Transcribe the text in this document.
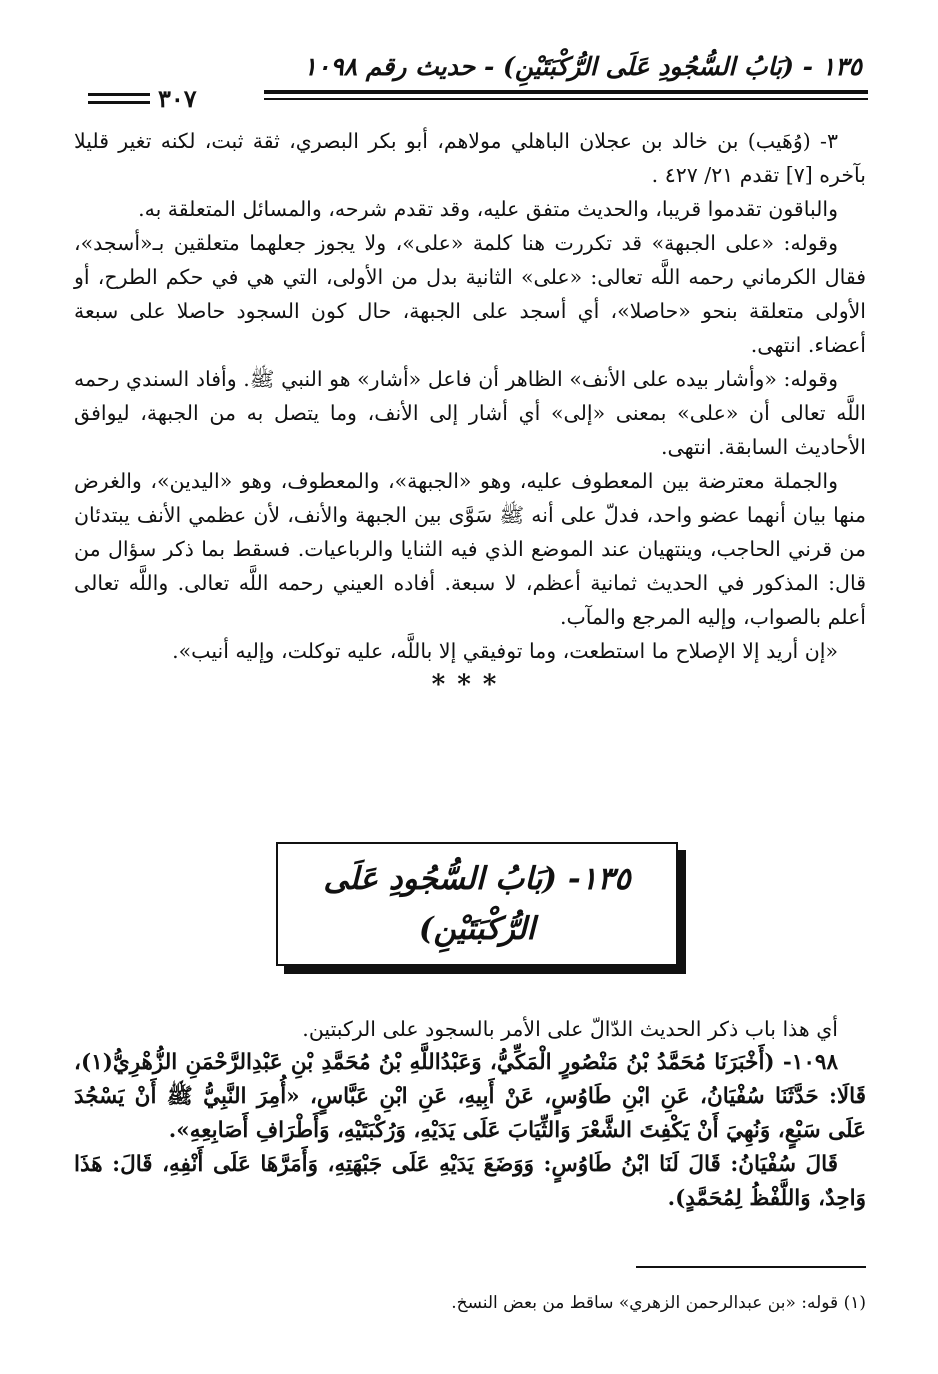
١٣٥ - (بَابُ السُّجُودِ عَلَى الرُّكْبَتَيْنِ) - حديث رقم ١٠٩٨
٣٠٧

٣- (وُهَيب) بن خالد بن عجلان الباهلي مولاهم، أبو بكر البصري، ثقة ثبت، لكنه تغير قليلا بآخره [٧] تقدم ٢١/ ٤٢٧ .

والباقون تقدموا قريبا، والحديث متفق عليه، وقد تقدم شرحه، والمسائل المتعلقة به.

وقوله: «على الجبهة» قد تكررت هنا كلمة «على»، ولا يجوز جعلهما متعلقين بـ«أسجد»، فقال الكرماني رحمه اللَّه تعالى: «على» الثانية بدل من الأولى، التي هي في حكم الطرح، أو الأولى متعلقة بنحو «حاصلا»، أي أسجد على الجبهة، حال كون السجود حاصلا على سبعة أعضاء. انتهى.

وقوله: «وأشار بيده على الأنف» الظاهر أن فاعل «أشار» هو النبي ﷺ. وأفاد السندي رحمه اللَّه تعالى أن «على» بمعنى «إلى» أي أشار إلى الأنف، وما يتصل به من الجبهة، ليوافق الأحاديث السابقة. انتهى.

والجملة معترضة بين المعطوف عليه، وهو «الجبهة»، والمعطوف، وهو «اليدين»، والغرض منها بيان أنهما عضو واحد، فدلّ على أنه ﷺ سَوَّى بين الجبهة والأنف، لأن عظمي الأنف يبتدئان من قرني الحاجب، وينتهيان عند الموضع الذي فيه الثنايا والرباعيات. فسقط بما ذكر سؤال من قال: المذكور في الحديث ثمانية أعظم، لا سبعة. أفاده العيني رحمه اللَّه تعالى. واللَّه تعالى أعلم بالصواب، وإليه المرجع والمآب.

«إن أريد إلا الإصلاح ما استطعت، وما توفيقي إلا باللَّه، عليه توكلت، وإليه أنيب».

***

١٣٥- (بَابُ السُّجُودِ عَلَى
الرُّكْبَتَيْنِ)

أي هذا باب ذكر الحديث الدّالّ على الأمر بالسجود على الركبتين.

١٠٩٨- (أَخْبَرَنَا مُحَمَّدُ بْنُ مَنْصُورٍ الْمَكِّيُّ، وَعَبْدُاللَّهِ بْنُ مُحَمَّدِ بْنِ عَبْدِالرَّحْمَنِ الزُّهْرِيُّ(١)، قَالَا: حَدَّثَنَا سُفْيَانُ، عَنِ ابْنِ طَاوُسٍ، عَنْ أَبِيهِ، عَنِ ابْنِ عَبَّاسٍ، «أُمِرَ النَّبِيُّ ﷺ أَنْ يَسْجُدَ عَلَى سَبْعٍ، وَنُهِيَ أَنْ يَكْفِتَ الشَّعْرَ وَالثِّيَابَ عَلَى يَدَيْهِ، وَرُكْبَتَيْهِ، وَأَطْرَافِ أَصَابِعِهِ».

قَالَ سُفْيَانُ: قَالَ لَنَا ابْنُ طَاوُسٍ: وَوَضَعَ يَدَيْهِ عَلَى جَبْهَتِهِ، وَأَمَرَّهَا عَلَى أَنْفِهِ، قَالَ: هَذَا وَاحِدٌ، وَاللَّفْظُ لِمُحَمَّدٍ).

(١) قوله: «بن عبدالرحمن الزهري» ساقط من بعض النسخ.
